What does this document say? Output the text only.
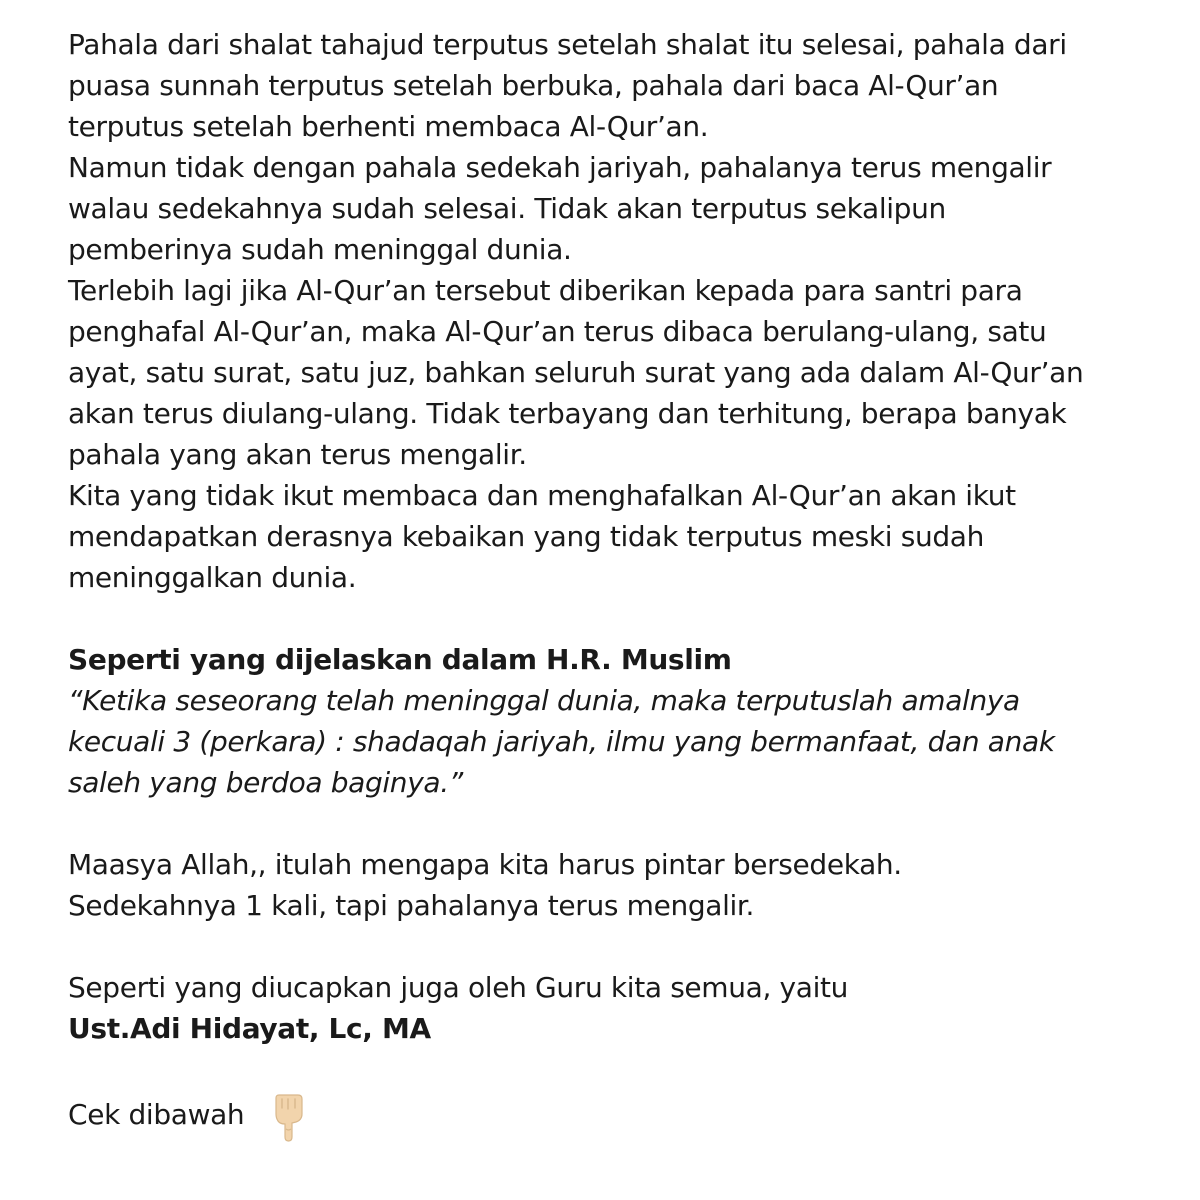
Pahala dari shalat tahajud terputus setelah shalat itu selesai, pahala dari
puasa sunnah terputus setelah berbuka, pahala dari baca Al-Qur’an
terputus setelah berhenti membaca Al-Qur’an.
Namun tidak dengan pahala sedekah jariyah, pahalanya terus mengalir
walau sedekahnya sudah selesai. Tidak akan terputus sekalipun
pemberinya sudah meninggal dunia.
Terlebih lagi jika Al-Qur’an tersebut diberikan kepada para santri para
penghafal Al-Qur’an, maka Al-Qur’an terus dibaca berulang-ulang, satu
ayat, satu surat, satu juz, bahkan seluruh surat yang ada dalam Al-Qur’an
akan terus diulang-ulang. Tidak terbayang dan terhitung, berapa banyak
pahala yang akan terus mengalir.
Kita yang tidak ikut membaca dan menghafalkan Al-Qur’an akan ikut
mendapatkan derasnya kebaikan yang tidak terputus meski sudah
meninggalkan dunia.
Seperti yang dijelaskan dalam H.R. Muslim
“Ketika seseorang telah meninggal dunia, maka terputuslah amalnya
kecuali 3 (perkara) : shadaqah jariyah, ilmu yang bermanfaat, dan anak
saleh yang berdoa baginya.”
Maasya Allah,, itulah mengapa kita harus pintar bersedekah.
Sedekahnya 1 kali, tapi pahalanya terus mengalir.
Seperti yang diucapkan juga oleh Guru kita semua, yaitu
Ust.Adi Hidayat, Lc, MA
Cek dibawah
